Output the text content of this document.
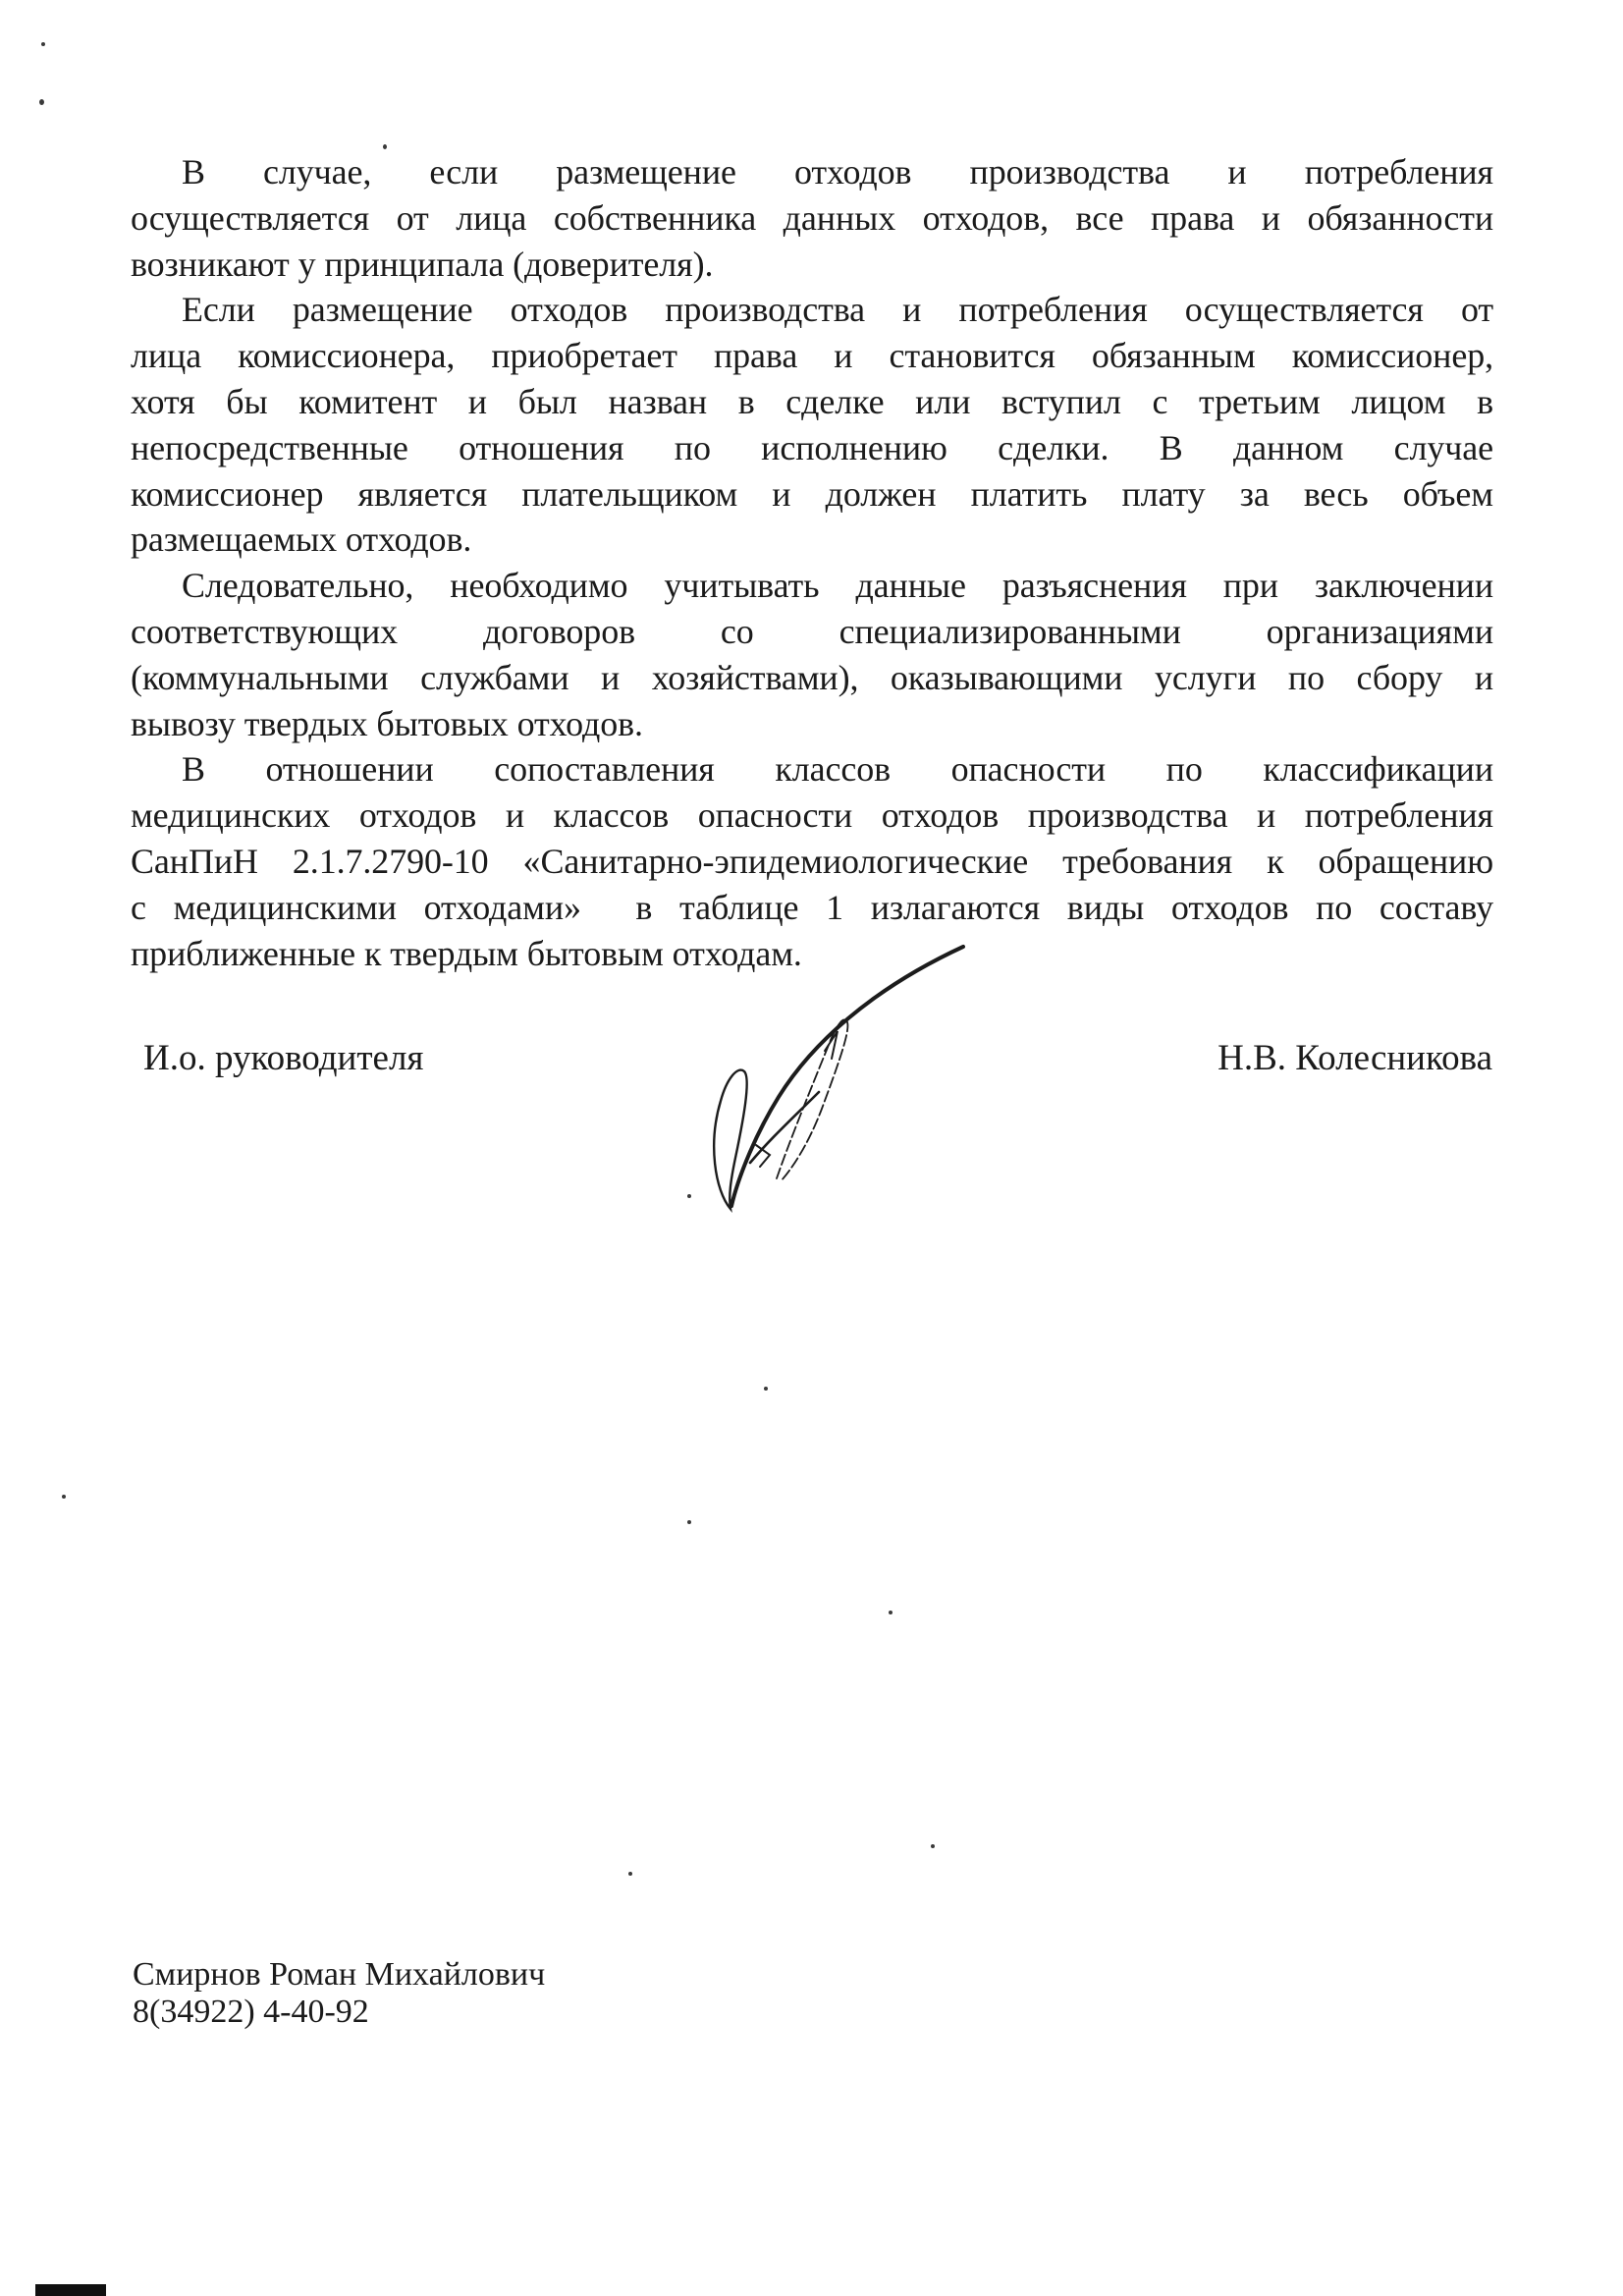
В случае, если размещение отходов производства и потребления
осуществляется от лица собственника данных отходов, все права и обязанности
возникают у принципала (доверителя).
Если размещение отходов производства и потребления осуществляется от
лица комиссионера, приобретает права и становится обязанным комиссионер,
хотя бы комитент и был назван в сделке или вступил с третьим лицом в
непосредственные отношения по исполнению сделки. В данном случае
комиссионер является плательщиком и должен платить плату за весь объем
размещаемых отходов.
Следовательно, необходимо учитывать данные разъяснения при заключении
соответствующих договоров со специализированными организациями
(коммунальными службами и хозяйствами), оказывающими услуги по сбору и
вывозу твердых бытовых отходов.
В отношении сопоставления классов опасности по классификации
медицинских отходов и классов опасности отходов производства и потребления
СанПиН 2.1.7.2790-10 «Санитарно-эпидемиологические требования к обращению
с медицинскими отходами»  в таблице 1 излагаются виды отходов по составу
приближенные к твердым бытовым отходам.
И.о. руководителя	Н.В. Колесникова
Смирнов Роман Михайлович
8(34922) 4-40-92
